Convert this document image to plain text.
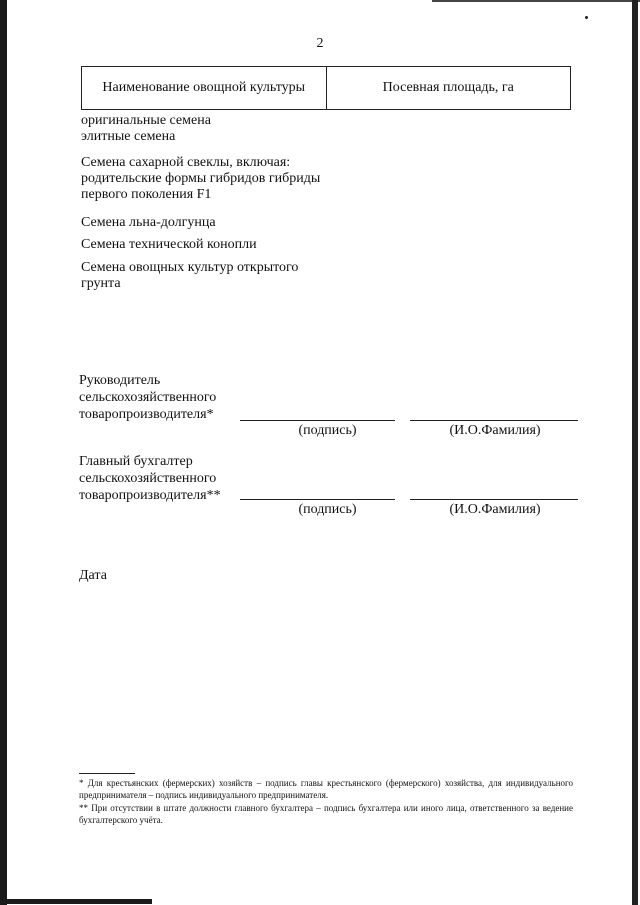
2
Наименование овощной культуры	Посевная площадь, га
оригинальные семена
элитные семена
Семена сахарной свеклы, включая:
родительские формы гибридов гибриды
первого поколения F1
Семена льна-долгунца
Семена технической конопли
Семена овощных культур открытого
грунта
Руководитель
сельскохозяйственного
товаропроизводителя*
(подпись)	(И.О.Фамилия)
Главный бухгалтер
сельскохозяйственного
товаропроизводителя**
(подпись)	(И.О.Фамилия)
Дата
* Для крестьянских (фермерских) хозяйств – подпись главы крестьянского (фермерского) хозяйства, для индивидуального предпринимателя – подпись индивидуального предпринимателя.
** При отсутствии в штате должности главного бухгалтера – подпись бухгалтера или иного лица, ответственного за ведение бухгалтерского учёта.
